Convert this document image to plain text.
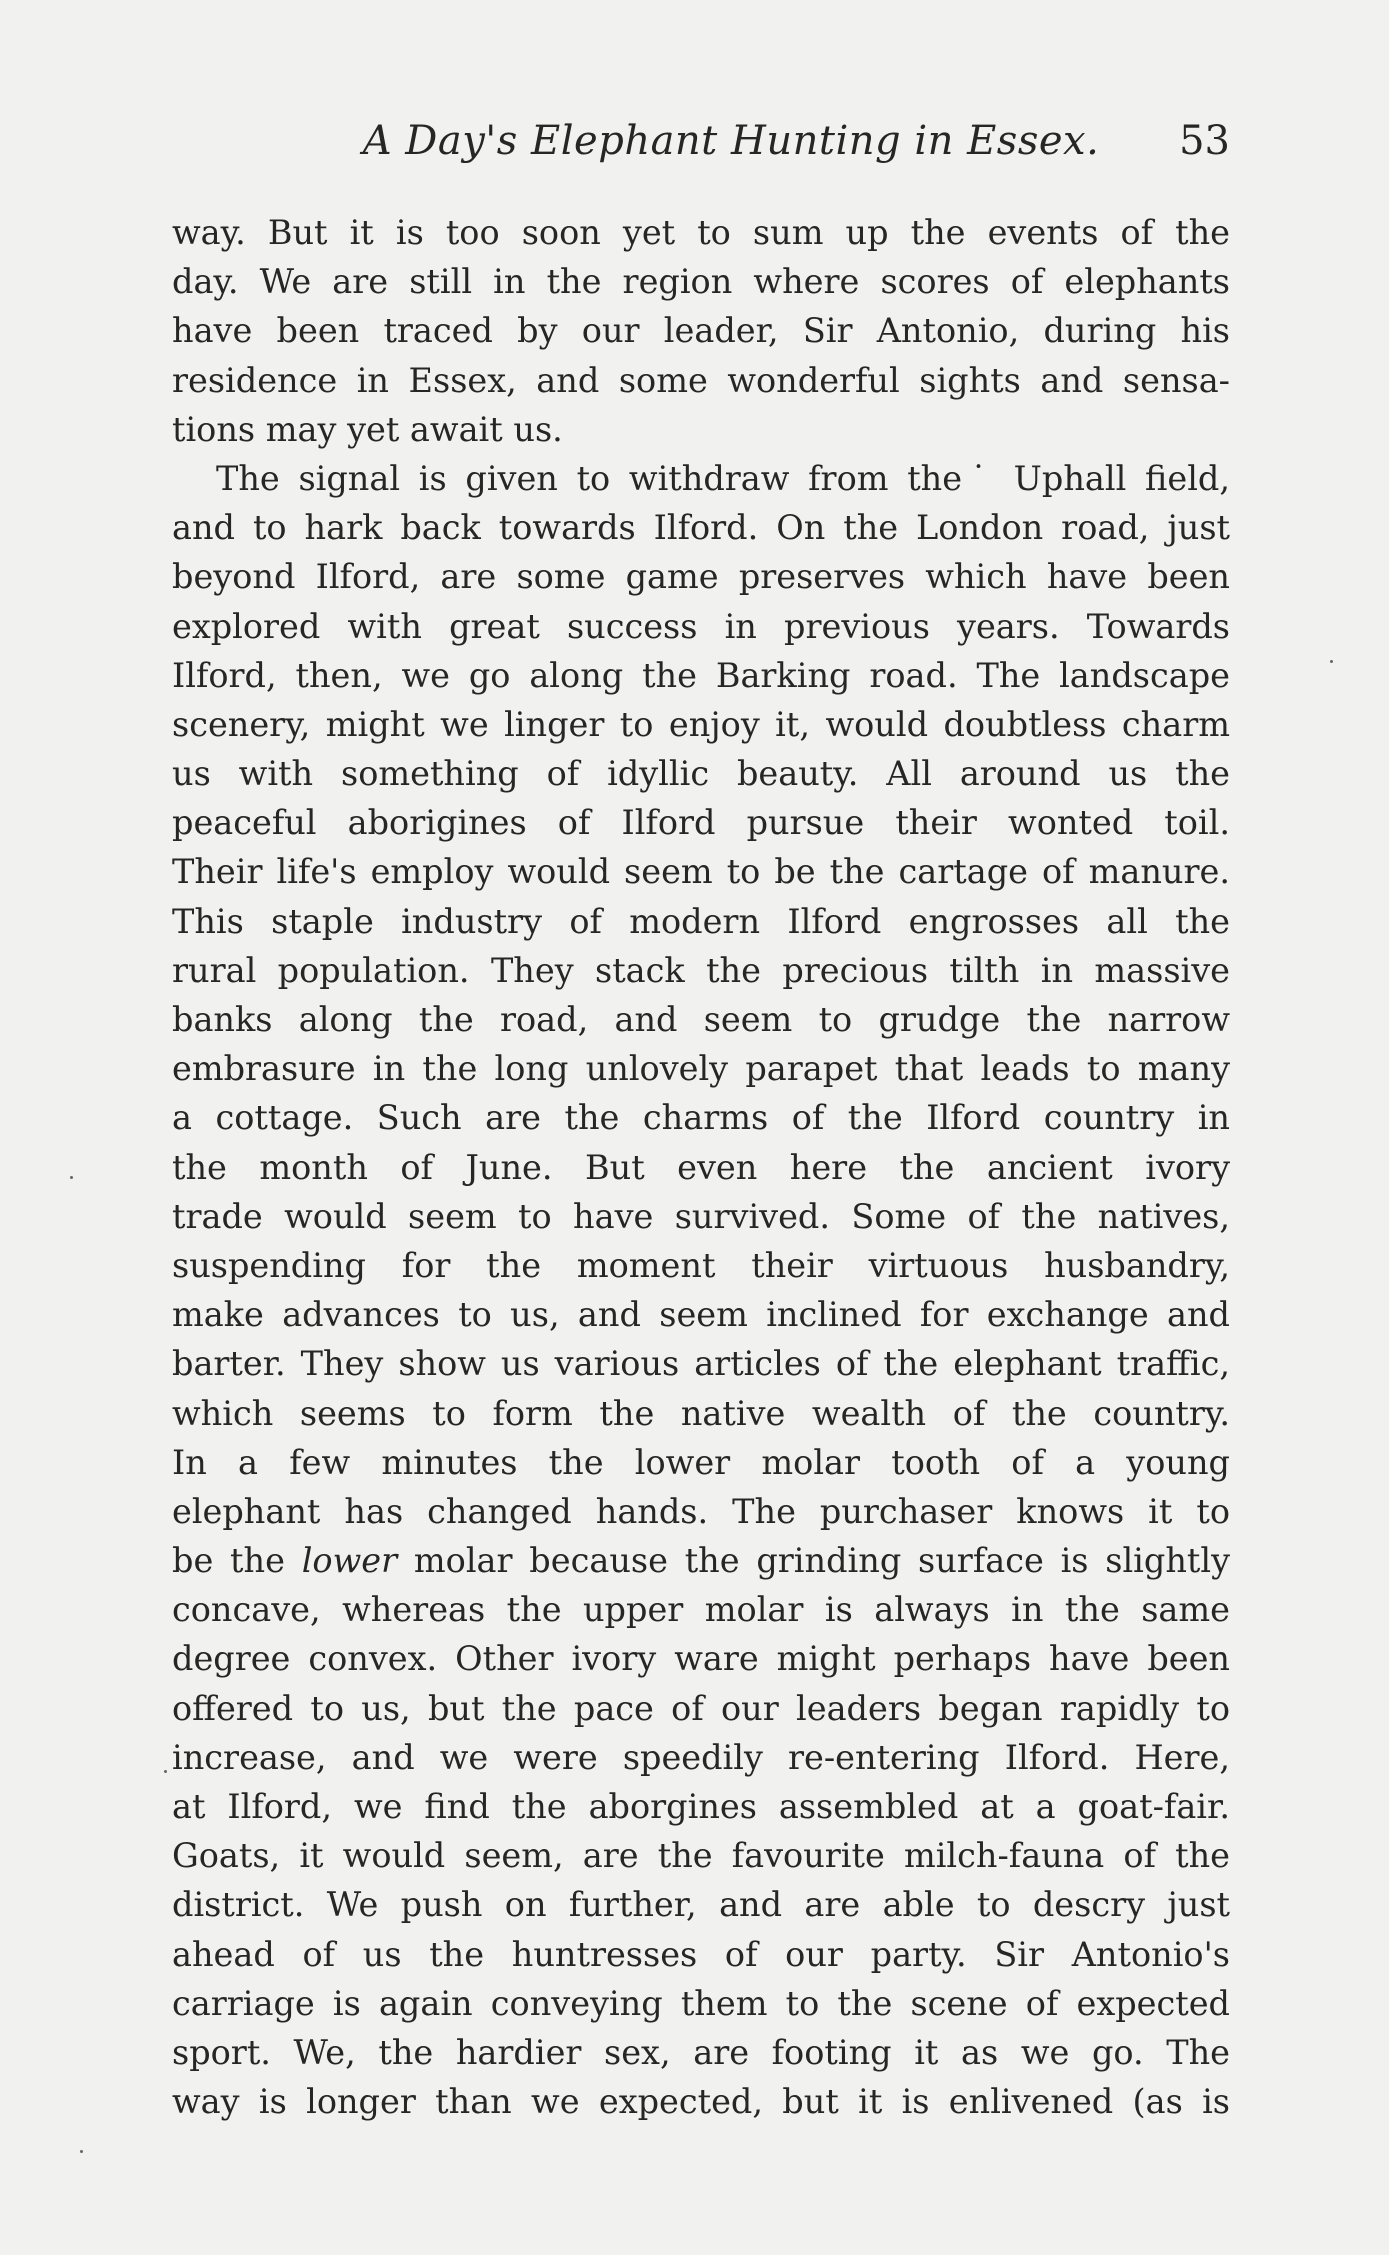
A Day's Elephant Hunting in Essex.	53
way. But it is too soon yet to sum up the events of the
day. We are still in the region where scores of elephants
have been traced by our leader, Sir Antonio, during his
residence in Essex, and some wonderful sights and sensa-
tions may yet await us.
The signal is given to withdraw from the˙ Uphall field,
and to hark back towards Ilford. On the London road, just
beyond Ilford, are some game preserves which have been
explored with great success in previous years. Towards
Ilford, then, we go along the Barking road. The landscape
scenery, might we linger to enjoy it, would doubtless charm
us with something of idyllic beauty. All around us the
peaceful aborigines of Ilford pursue their wonted toil.
Their life's employ would seem to be the cartage of manure.
This staple industry of modern Ilford engrosses all the
rural population. They stack the precious tilth in massive
banks along the road, and seem to grudge the narrow
embrasure in the long unlovely parapet that leads to many
a cottage. Such are the charms of the Ilford country in
the month of June. But even here the ancient ivory
trade would seem to have survived. Some of the natives,
suspending for the moment their virtuous husbandry,
make advances to us, and seem inclined for exchange and
barter. They show us various articles of the elephant traffic,
which seems to form the native wealth of the country.
In a few minutes the lower molar tooth of a young
elephant has changed hands. The purchaser knows it to
be the lower molar because the grinding surface is slightly
concave, whereas the upper molar is always in the same
degree convex. Other ivory ware might perhaps have been
offered to us, but the pace of our leaders began rapidly to
increase, and we were speedily re-entering Ilford. Here,
at Ilford, we find the aborgines assembled at a goat-fair.
Goats, it would seem, are the favourite milch-fauna of the
district. We push on further, and are able to descry just
ahead of us the huntresses of our party. Sir Antonio's
carriage is again conveying them to the scene of expected
sport. We, the hardier sex, are footing it as we go. The
way is longer than we expected, but it is enlivened (as is
